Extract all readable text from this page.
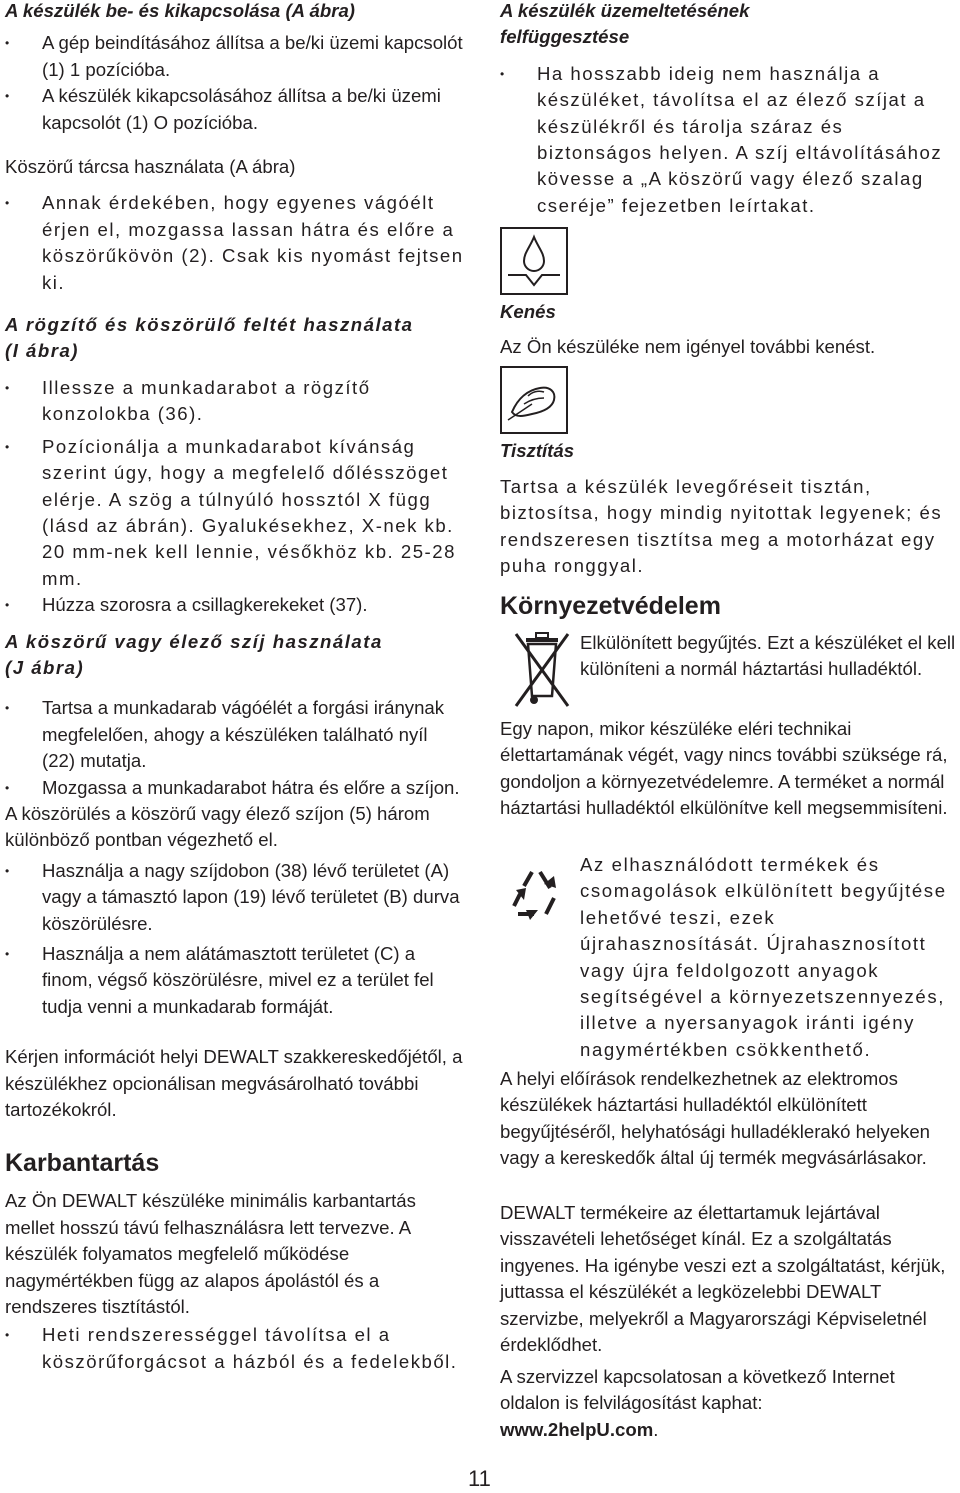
A készülék be- és kikapcsolása (A ábra)

• A gép beindításához állítsa a be/ki üzemi kapcsolót (1) 1 pozícióba.
• A készülék kikapcsolásához állítsa a be/ki üzemi kapcsolót (1) O pozícióba.

Köszörű tárcsa használata (A ábra)

• Annak érdekében, hogy egyenes vágóélt érjen el, mozgassa lassan hátra és előre a köszörűkövön (2). Csak kis nyomást fejtsen ki.

A rögzítő és köszörülő feltét használata
(I ábra)

• Illessze a munkadarabot a rögzítő konzolokba (36).
• Pozícionálja a munkadarabot kívánság szerint úgy, hogy a megfelelő dőlésszöget elérje. A szög a túlnyúló hossztól X függ (lásd az ábrán). Gyalukésekhez, X-nek kb. 20 mm-nek kell lennie, vésőkhöz kb. 25-28 mm.
• Húzza szorosra a csillagkerekeket (37).

A köszörű vagy élező szíj használata
(J ábra)

• Tartsa a munkadarab vágóélét a forgási iránynak megfelelően, ahogy a készüléken található nyíl (22) mutatja.
• Mozgassa a munkadarabot hátra és előre a szíjon.

A köszörülés a köszörű vagy élező szíjon (5) három különböző pontban végezhető el.

• Használja a nagy szíjdobon (38) lévő területet (A) vagy a támasztó lapon (19) lévő területet (B) durva köszörülésre.
• Használja a nem alátámasztott területet (C) a finom, végső köszörülésre, mivel ez a terület fel tudja venni a munkadarab formáját.

Kérjen információt helyi DEWALT szakkereskedőjétől, a készülékhez opcionálisan megvásárolható további tartozékokról.

Karbantartás

Az Ön DEWALT készüléke minimális karbantartás mellet hosszú távú felhasználásra lett tervezve. A készülék folyamatos megfelelő működése nagymértékben függ az alapos ápolástól és a rendszeres tisztítástól.

• Heti rendszerességgel távolítsa el a köszörűforgácsot a házból és a fedelekből.

A készülék üzemeltetésének
felfüggesztése

• Ha hosszabb ideig nem használja a készüléket, távolítsa el az élező szíjat a készülékről és tárolja száraz és biztonságos helyen. A szíj eltávolításához kövesse a „A köszörű vagy élező szalag cseréje” fejezetben leírtakat.

Kenés

Az Ön készüléke nem igényel további kenést.

Tisztítás

Tartsa a készülék levegőréseit tisztán, biztosítsa, hogy mindig nyitottak legyenek; és rendszeresen tisztítsa meg a motorházat egy puha ronggyal.

Környezetvédelem

Elkülönített begyűjtés. Ezt a készüléket el kell különíteni a normál háztartási hulladéktól.

Egy napon, mikor készüléke eléri technikai élettartamának végét, vagy nincs további szüksége rá, gondoljon a környezetvédelemre. A terméket a normál háztartási hulladéktól elkülönítve kell megsemmisíteni.

Az elhasználódott termékek és csomagolások elkülönített begyűjtése lehetővé teszi, ezek újrahasznosítását. Újrahasznosított vagy újra feldolgozott anyagok segítségével a környezetszennyezés, illetve a nyersanyagok iránti igény nagymértékben csökkenthető.

A helyi előírások rendelkezhetnek az elektromos készülékek háztartási hulladéktól elkülönített begyűjtéséről, helyhatósági hulladéklerakó helyeken vagy a kereskedők által új termék megvásárlásakor.

DEWALT termékeire az élettartamuk lejártával visszavételi lehetőséget kínál. Ez a szolgáltatás ingyenes. Ha igénybe veszi ezt a szolgáltatást, kérjük, juttassa el készülékét a legközelebbi DEWALT szervizbe, melyekről a Magyarországi Képviseletnél érdeklődhet.

A szervizzel kapcsolatosan a következő Internet oldalon is felvilágosítást kaphat:
www.2helpU.com.

11
